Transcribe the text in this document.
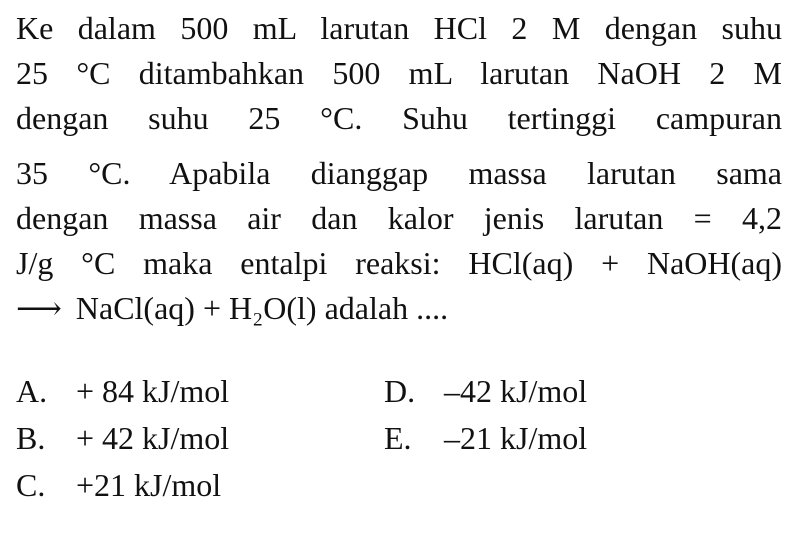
Ke dalam 500 mL larutan HCl 2 M dengan suhu
25 °C ditambahkan 500 mL larutan NaOH 2 M
dengan suhu 25 °C. Suhu tertinggi campuran
35 °C. Apabila dianggap massa larutan sama
dengan massa air dan kalor jenis larutan = 4,2
J/g °C maka entalpi reaksi: HCl(aq) + NaOH(aq)
⟶ NaCl(aq) + H₂O(l) adalah ....
A. + 84 kJ/mol	D. –42 kJ/mol
B. + 42 kJ/mol	E. –21 kJ/mol
C. +21 kJ/mol
